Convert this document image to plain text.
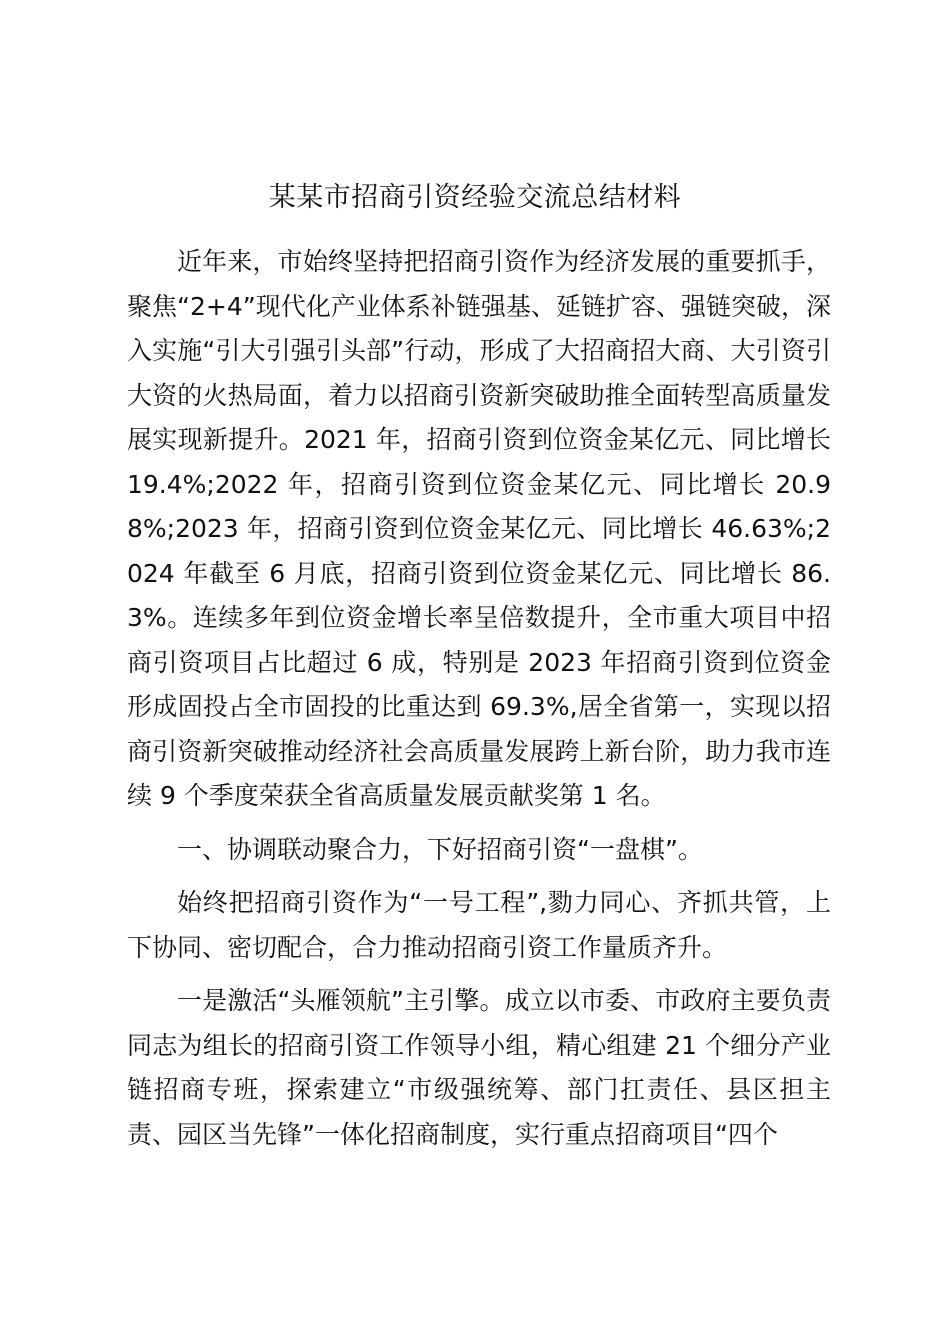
某某市招商引资经验交流总结材料

近年来，市始终坚持把招商引资作为经济发展的重要抓手，聚焦“2+4”现代化产业体系补链强基、延链扩容、强链突破，深入实施“引大引强引头部”行动，形成了大招商招大商、大引资引大资的火热局面，着力以招商引资新突破助推全面转型高质量发展实现新提升。2021 年，招商引资到位资金某亿元、同比增长 19.4%;2022 年，招商引资到位资金某亿元、同比增长 20.98%;2023 年，招商引资到位资金某亿元、同比增长 46.63%;2024 年截至 6 月底，招商引资到位资金某亿元、同比增长 86.3%。连续多年到位资金增长率呈倍数提升，全市重大项目中招商引资项目占比超过 6 成，特别是 2023 年招商引资到位资金形成固投占全市固投的比重达到 69.3%,居全省第一，实现以招商引资新突破推动经济社会高质量发展跨上新台阶，助力我市连续 9 个季度荣获全省高质量发展贡献奖第 1 名。

一、协调联动聚合力，下好招商引资“一盘棋”。

始终把招商引资作为“一号工程”,勠力同心、齐抓共管，上下协同、密切配合，合力推动招商引资工作量质齐升。

一是激活“头雁领航”主引擎。成立以市委、市政府主要负责同志为组长的招商引资工作领导小组，精心组建 21 个细分产业链招商专班，探索建立“市级强统筹、部门扛责任、县区担主责、园区当先锋”一体化招商制度，实行重点招商项目“四个
